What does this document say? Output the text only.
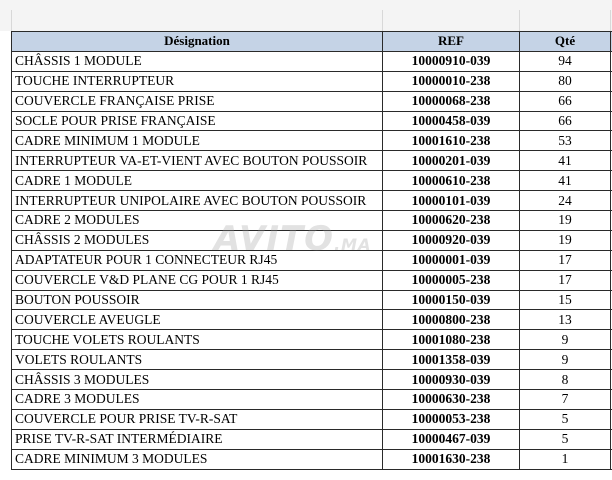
Désignation	REF	Qté	
CHÂSSIS 1 MODULE	10000910-039	94	
TOUCHE INTERRUPTEUR	10000010-238	80	
COUVERCLE FRANÇAISE PRISE	10000068-238	66	
SOCLE POUR PRISE FRANÇAISE	10000458-039	66	
CADRE MINIMUM 1 MODULE	10001610-238	53	
INTERRUPTEUR VA-ET-VIENT AVEC BOUTON POUSSOIR	10000201-039	41	
CADRE 1 MODULE	10000610-238	41	
INTERRUPTEUR UNIPOLAIRE AVEC BOUTON POUSSOIR	10000101-039	24	
CADRE 2 MODULES	10000620-238	19	
CHÂSSIS 2 MODULES	10000920-039	19	
ADAPTATEUR POUR 1 CONNECTEUR RJ45	10000001-039	17	
COUVERCLE V&D PLANE CG POUR 1 RJ45	10000005-238	17	
BOUTON POUSSOIR	10000150-039	15	
COUVERCLE AVEUGLE	10000800-238	13	
TOUCHE VOLETS ROULANTS	10001080-238	9	
VOLETS ROULANTS	10001358-039	9	
CHÂSSIS 3 MODULES	10000930-039	8	
CADRE 3 MODULES	10000630-238	7	
COUVERCLE POUR PRISE TV-R-SAT	10000053-238	5	
PRISE TV-R-SAT INTERMÉDIAIRE	10000467-039	5	
CADRE MINIMUM 3 MODULES	10001630-238	1	
AVITO.MA
